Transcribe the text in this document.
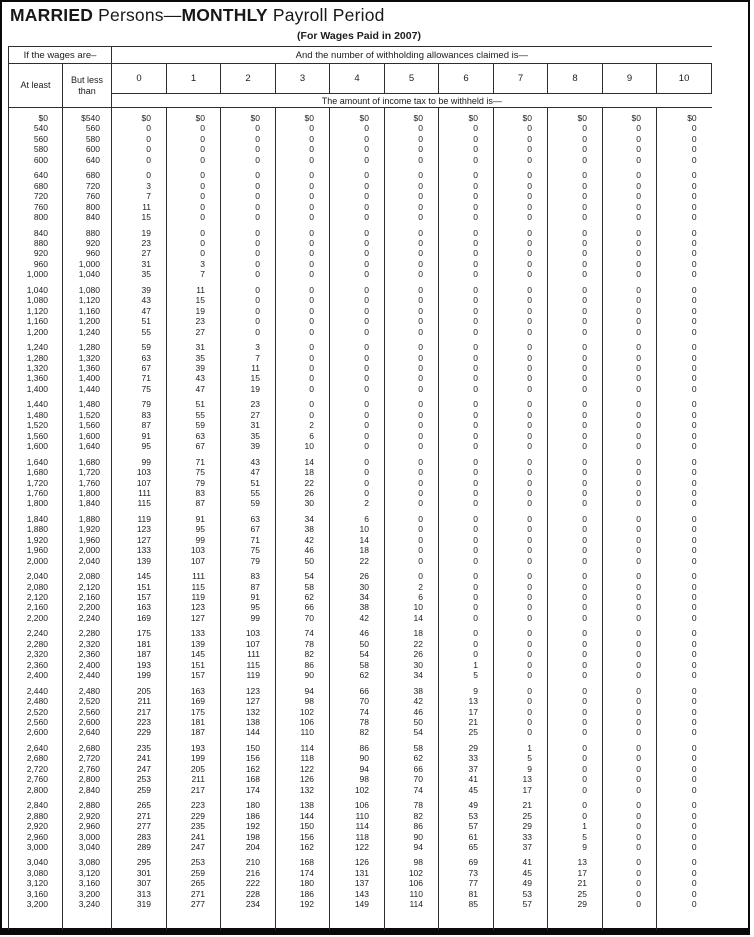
MARRIED Persons—MONTHLY Payroll Period
(For Wages Paid in 2007)
If the wages are–		And the number of withholding allowances claimed is—										
At least	But less than	0	1	2	3	4	5	6	7	8	9	10
		The amount of income tax to be withheld is—										
$0	$540	$0	$0	$0	$0	$0	$0	$0	$0	$0	$0	$0
540	560	0	0	0	0	0	0	0	0	0	0	0
560	580	0	0	0	0	0	0	0	0	0	0	0
580	600	0	0	0	0	0	0	0	0	0	0	0
600	640	0	0	0	0	0	0	0	0	0	0	0
640	680	0	0	0	0	0	0	0	0	0	0	0
680	720	3	0	0	0	0	0	0	0	0	0	0
720	760	7	0	0	0	0	0	0	0	0	0	0
760	800	11	0	0	0	0	0	0	0	0	0	0
800	840	15	0	0	0	0	0	0	0	0	0	0
840	880	19	0	0	0	0	0	0	0	0	0	0
880	920	23	0	0	0	0	0	0	0	0	0	0
920	960	27	0	0	0	0	0	0	0	0	0	0
960	1,000	31	3	0	0	0	0	0	0	0	0	0
1,000	1,040	35	7	0	0	0	0	0	0	0	0	0
1,040	1,080	39	11	0	0	0	0	0	0	0	0	0
1,080	1,120	43	15	0	0	0	0	0	0	0	0	0
1,120	1,160	47	19	0	0	0	0	0	0	0	0	0
1,160	1,200	51	23	0	0	0	0	0	0	0	0	0
1,200	1,240	55	27	0	0	0	0	0	0	0	0	0
1,240	1,280	59	31	3	0	0	0	0	0	0	0	0
1,280	1,320	63	35	7	0	0	0	0	0	0	0	0
1,320	1,360	67	39	11	0	0	0	0	0	0	0	0
1,360	1,400	71	43	15	0	0	0	0	0	0	0	0
1,400	1,440	75	47	19	0	0	0	0	0	0	0	0
1,440	1,480	79	51	23	0	0	0	0	0	0	0	0
1,480	1,520	83	55	27	0	0	0	0	0	0	0	0
1,520	1,560	87	59	31	2	0	0	0	0	0	0	0
1,560	1,600	91	63	35	6	0	0	0	0	0	0	0
1,600	1,640	95	67	39	10	0	0	0	0	0	0	0
1,640	1,680	99	71	43	14	0	0	0	0	0	0	0
1,680	1,720	103	75	47	18	0	0	0	0	0	0	0
1,720	1,760	107	79	51	22	0	0	0	0	0	0	0
1,760	1,800	111	83	55	26	0	0	0	0	0	0	0
1,800	1,840	115	87	59	30	2	0	0	0	0	0	0
1,840	1,880	119	91	63	34	6	0	0	0	0	0	0
1,880	1,920	123	95	67	38	10	0	0	0	0	0	0
1,920	1,960	127	99	71	42	14	0	0	0	0	0	0
1,960	2,000	133	103	75	46	18	0	0	0	0	0	0
2,000	2,040	139	107	79	50	22	0	0	0	0	0	0
2,040	2,080	145	111	83	54	26	0	0	0	0	0	0
2,080	2,120	151	115	87	58	30	2	0	0	0	0	0
2,120	2,160	157	119	91	62	34	6	0	0	0	0	0
2,160	2,200	163	123	95	66	38	10	0	0	0	0	0
2,200	2,240	169	127	99	70	42	14	0	0	0	0	0
2,240	2,280	175	133	103	74	46	18	0	0	0	0	0
2,280	2,320	181	139	107	78	50	22	0	0	0	0	0
2,320	2,360	187	145	111	82	54	26	0	0	0	0	0
2,360	2,400	193	151	115	86	58	30	1	0	0	0	0
2,400	2,440	199	157	119	90	62	34	5	0	0	0	0
2,440	2,480	205	163	123	94	66	38	9	0	0	0	0
2,480	2,520	211	169	127	98	70	42	13	0	0	0	0
2,520	2,560	217	175	132	102	74	46	17	0	0	0	0
2,560	2,600	223	181	138	106	78	50	21	0	0	0	0
2,600	2,640	229	187	144	110	82	54	25	0	0	0	0
2,640	2,680	235	193	150	114	86	58	29	1	0	0	0
2,680	2,720	241	199	156	118	90	62	33	5	0	0	0
2,720	2,760	247	205	162	122	94	66	37	9	0	0	0
2,760	2,800	253	211	168	126	98	70	41	13	0	0	0
2,800	2,840	259	217	174	132	102	74	45	17	0	0	0
2,840	2,880	265	223	180	138	106	78	49	21	0	0	0
2,880	2,920	271	229	186	144	110	82	53	25	0	0	0
2,920	2,960	277	235	192	150	114	86	57	29	1	0	0
2,960	3,000	283	241	198	156	118	90	61	33	5	0	0
3,000	3,040	289	247	204	162	122	94	65	37	9	0	0
3,040	3,080	295	253	210	168	126	98	69	41	13	0	0
3,080	3,120	301	259	216	174	131	102	73	45	17	0	0
3,120	3,160	307	265	222	180	137	106	77	49	21	0	0
3,160	3,200	313	271	228	186	143	110	81	53	25	0	0
3,200	3,240	319	277	234	192	149	114	85	57	29	0	0
